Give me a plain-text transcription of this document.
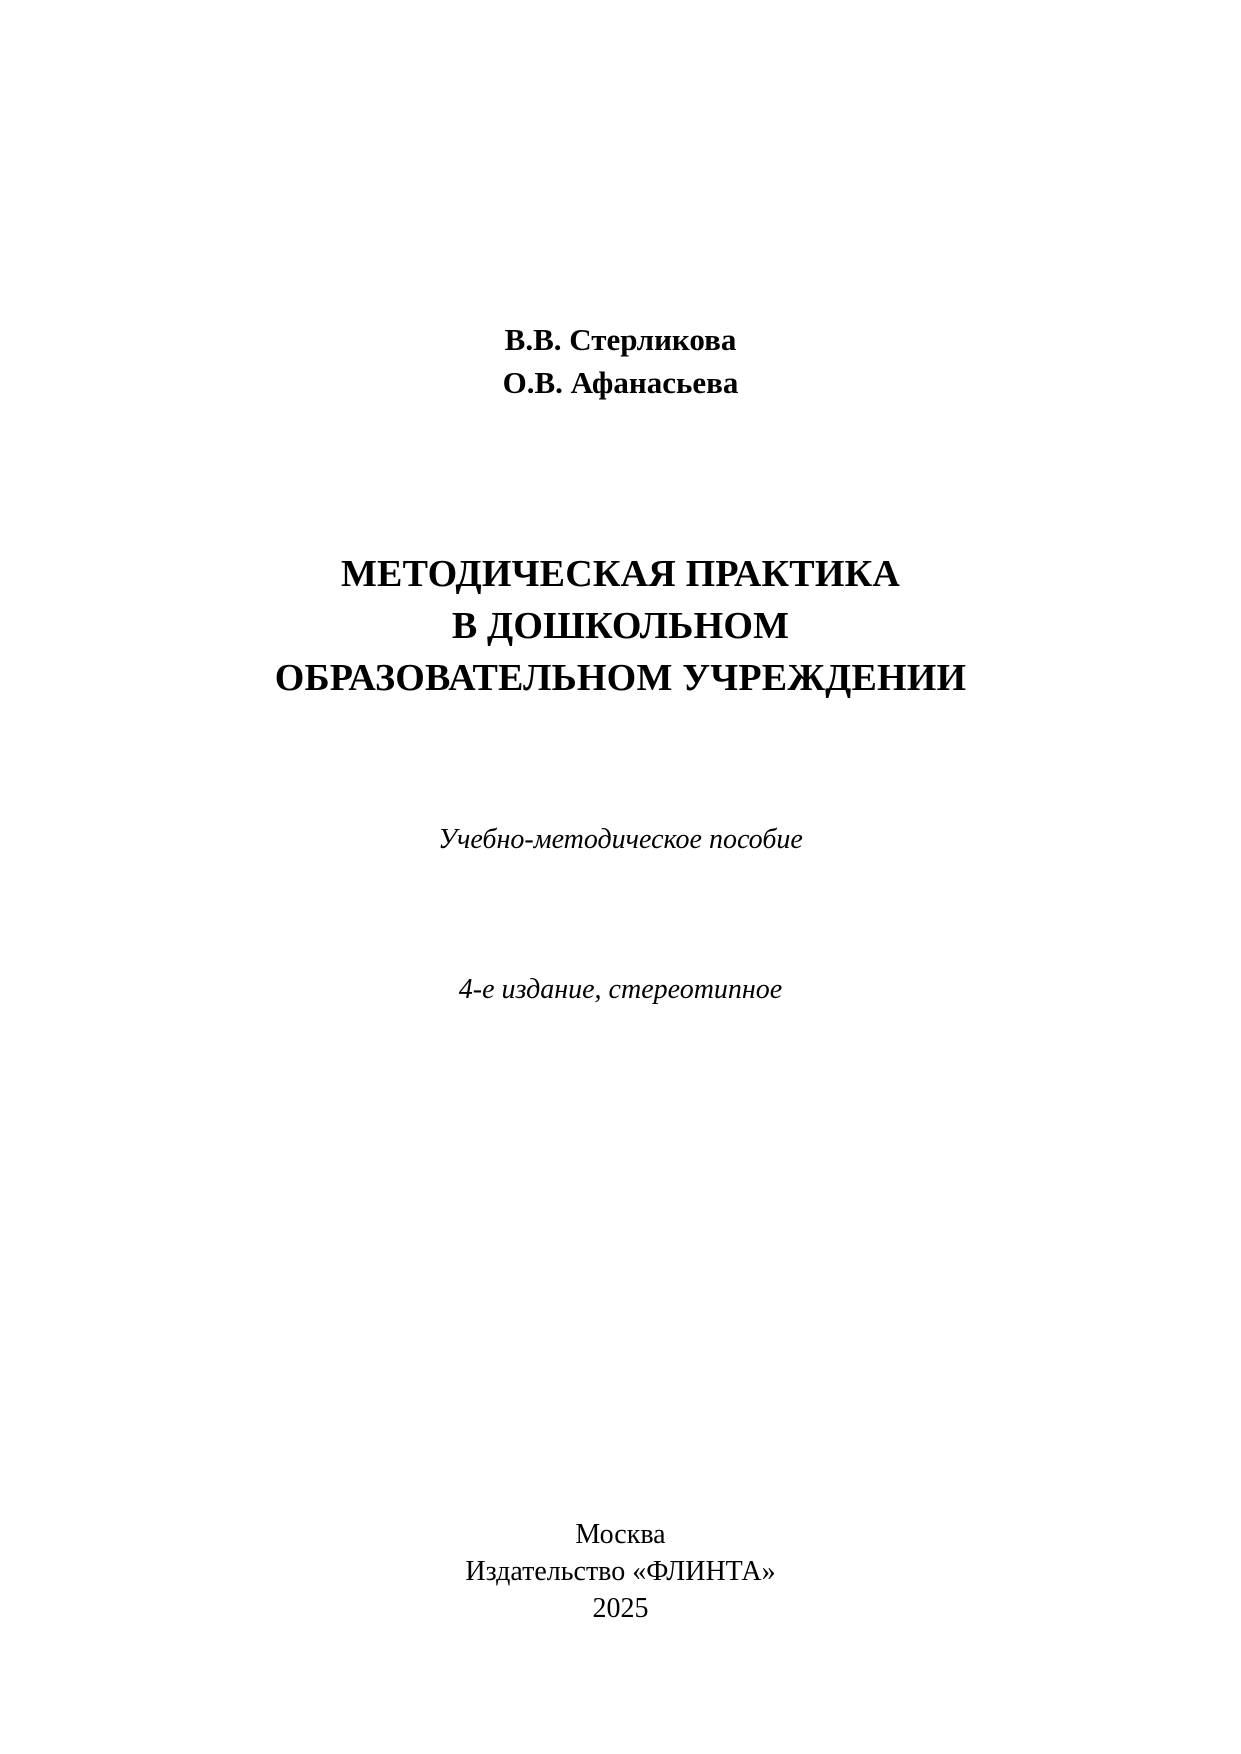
В.В. Стерликова
О.В. Афанасьева
МЕТОДИЧЕСКАЯ ПРАКТИКА
В ДОШКОЛЬНОМ
ОБРАЗОВАТЕЛЬНОМ УЧРЕЖДЕНИИ
Учебно-методическое пособие
4-е издание, стереотипное
Москва
Издательство «ФЛИНТА»
2025
